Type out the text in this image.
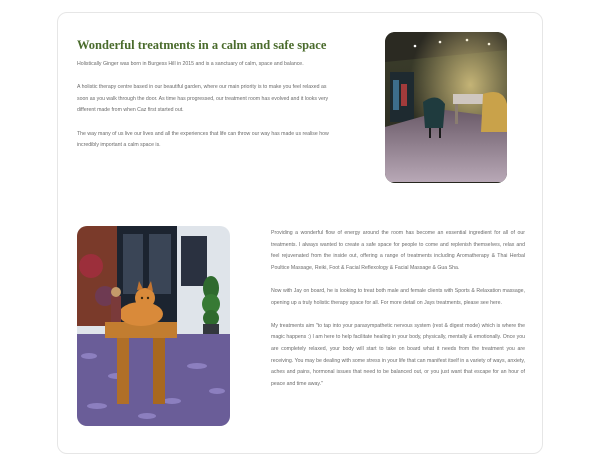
Wonderful treatments in a calm and safe space

Holistically Ginger was born in Burgess Hill in 2015 and is a sanctuary of calm, space and balance.

A holistic therapy centre based in our beautiful garden, where our main priority is to make you feel relaxed as soon as you walk through the door. As time has progressed, our treatment room has evolved and it looks very different made from when Caz first started out.

The way many of us live our lives and all the experiences that life can throw our way has made us realise how incredibly important a calm space is.

Providing a wonderful flow of energy around the room has become an essential ingredient for all of our treatments. I always wanted to create a safe space for people to come and replenish themselves, relax and feel rejuvenated from the inside out, offering a range of treatments including Aromatherapy & Thai Herbal Poultice Massage, Reiki, Foot & Facial Reflexology & Facial Massage & Gua Sha.

Now with Jay on board, he is looking to treat both male and female clients with Sports & Relaxation massage, opening up a truly holistic therapy space for all. For more detail on Jays treatments, please see here.

My treatments aim "to tap into your parasympathetic nervous system (rest & digest mode) which is where the magic happens :) I am here to help facilitate healing in your body, physically, mentally & emotionally. Once you are completely relaxed, your body will start to take on board what it needs from the treatment you are receiving. You may be dealing with some stress in your life that can manifest itself in a variety of ways, anxiety, aches and pains, hormonal issues that need to be balanced out, or you just want that escape for an hour of peace and time away."
